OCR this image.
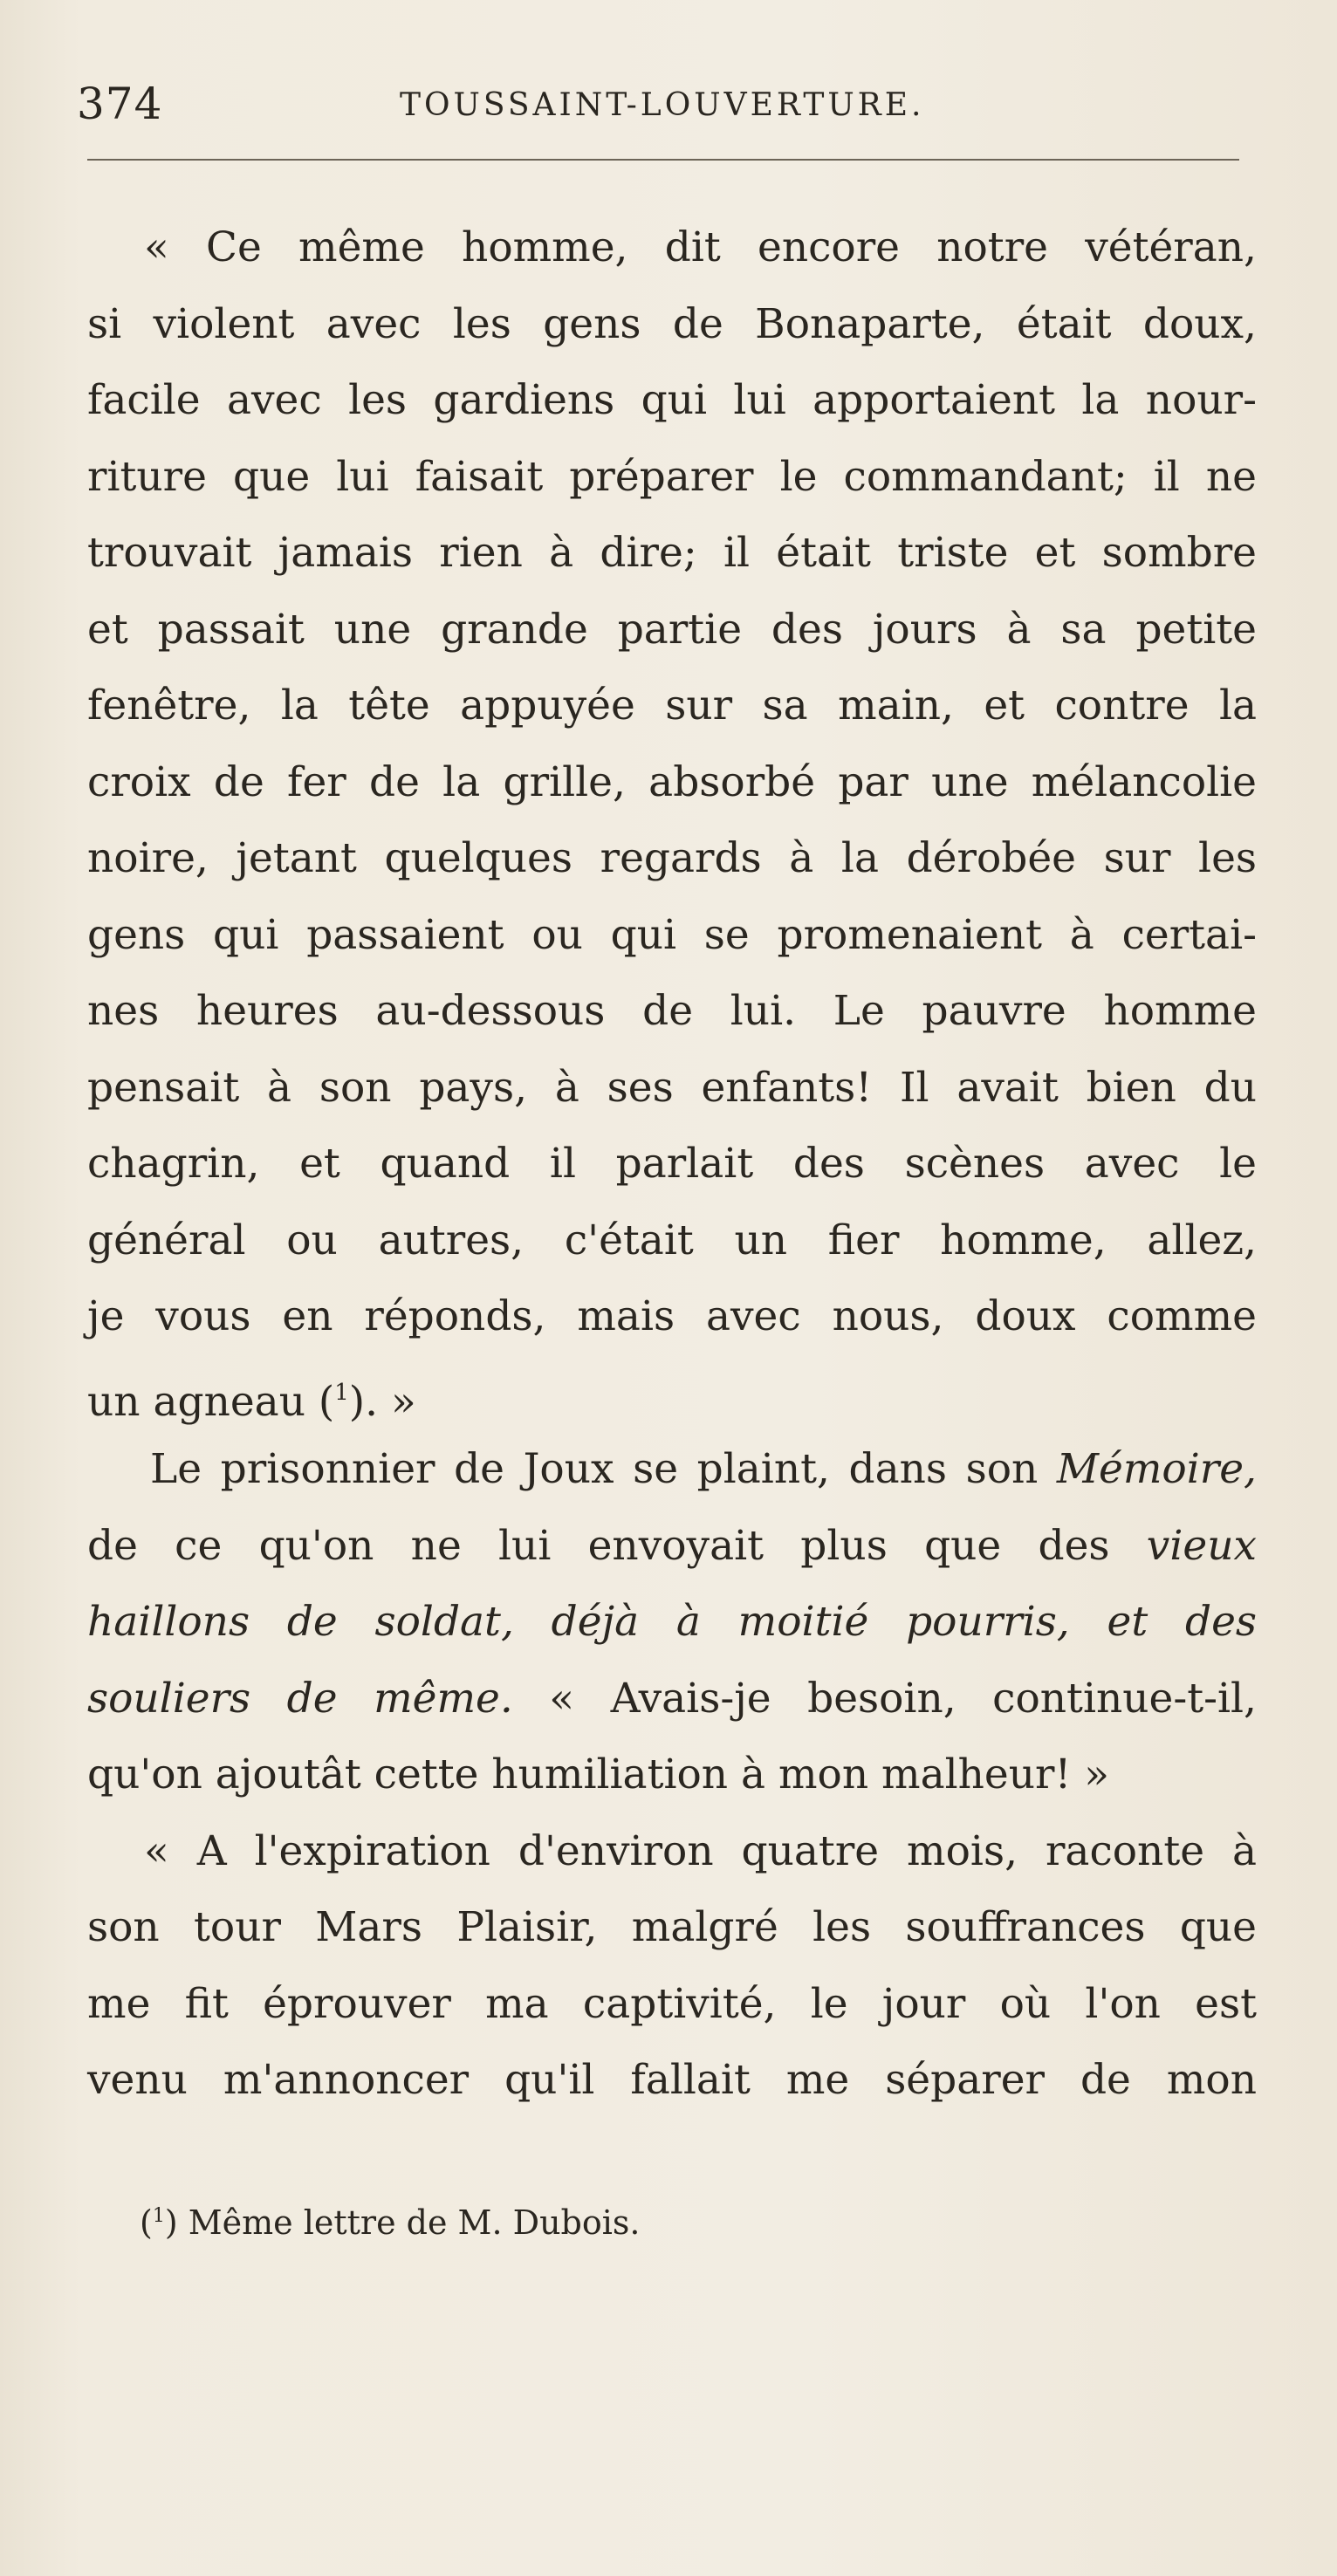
374	TOUSSAINT-LOUVERTURE.
« Ce même homme, dit encore notre vétéran,
si violent avec les gens de Bonaparte, était doux,
facile avec les gardiens qui lui apportaient la nour-
riture que lui faisait préparer le commandant; il ne
trouvait jamais rien à dire; il était triste et sombre
et passait une grande partie des jours à sa petite
fenêtre, la tête appuyée sur sa main, et contre la
croix de fer de la grille, absorbé par une mélancolie
noire, jetant quelques regards à la dérobée sur les
gens qui passaient ou qui se promenaient à certai-
nes heures au-dessous de lui. Le pauvre homme
pensait à son pays, à ses enfants! Il avait bien du
chagrin, et quand il parlait des scènes avec le
général ou autres, c'était un fier homme, allez,
je vous en réponds, mais avec nous, doux comme
un agneau ($^1$). »
Le prisonnier de Joux se plaint, dans son Mémoire,
de ce qu'on ne lui envoyait plus que des vieux
haillons de soldat, déjà à moitié pourris, et des
souliers de même. « Avais-je besoin, continue-t-il,
qu'on ajoutât cette humiliation à mon malheur! »
« A l'expiration d'environ quatre mois, raconte à
son tour Mars Plaisir, malgré les souffrances que
me fit éprouver ma captivité, le jour où l'on est
venu m'annoncer qu'il fallait me séparer de mon
($^1$) Même lettre de M. Dubois.
